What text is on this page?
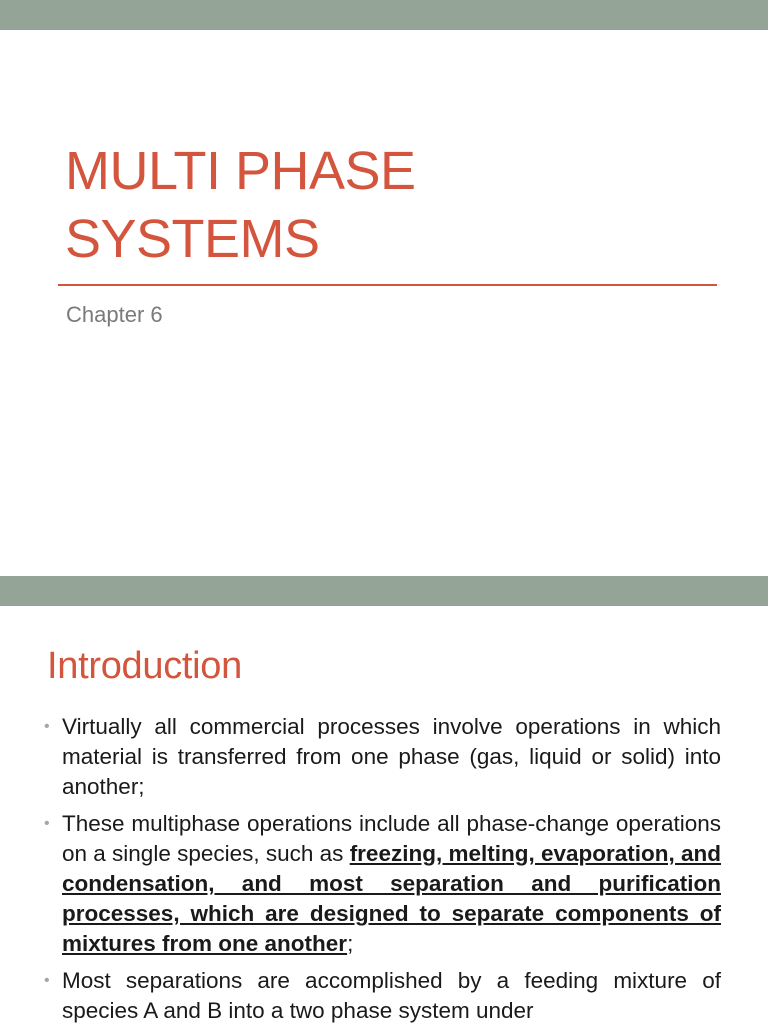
MULTI PHASE
SYSTEMS
Chapter 6
Introduction
• Virtually all commercial processes involve operations in which material is transferred from one phase (gas, liquid or solid) into another;
• These multiphase operations include all phase-change operations on a single species, such as freezing, melting, evaporation, and condensation, and most separation and purification processes, which are designed to separate components of mixtures from one another;
• Most separations are accomplished by a feeding mixture of species A and B into a two phase system under
